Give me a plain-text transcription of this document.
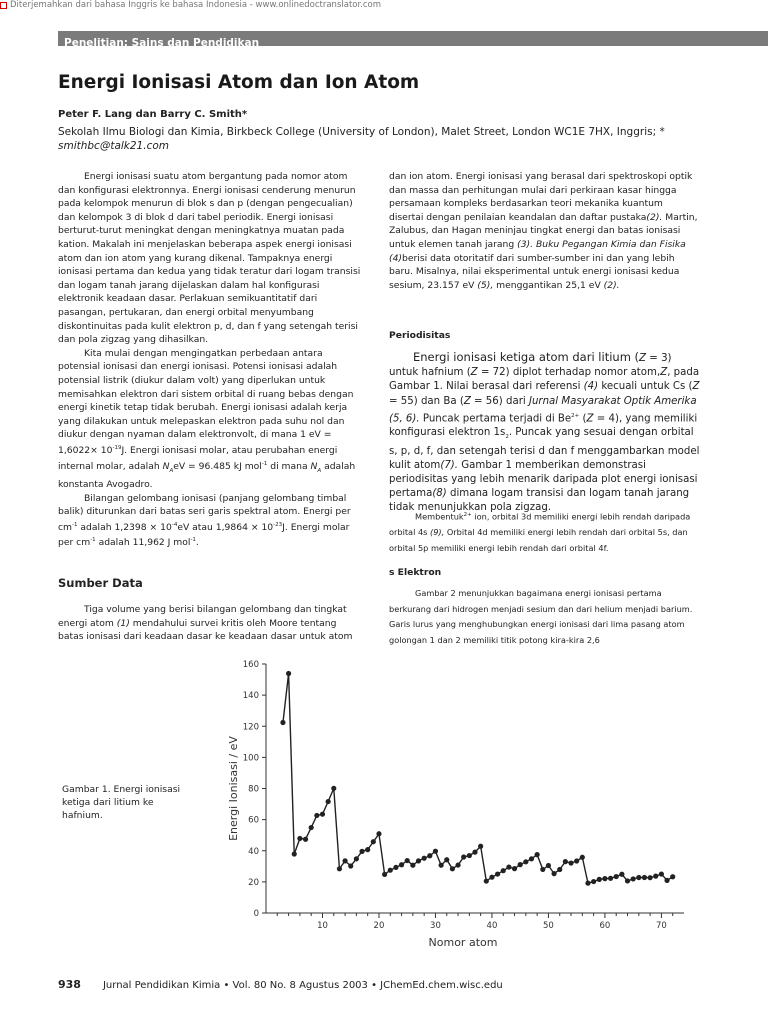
Diterjemahkan dari bahasa Inggris ke bahasa Indonesia - www.onlinedoctranslator.com
Penelitian: Sains dan Pendidikan
Energi Ionisasi Atom dan Ion Atom
Peter F. Lang dan Barry C. Smith*
Sekolah Ilmu Biologi dan Kimia, Birkbeck College (University of London), Malet Street, London WC1E 7HX, Inggris; * smithbc@talk21.com

Energi ionisasi suatu atom bergantung pada nomor atom dan konfigurasi elektronnya. Energi ionisasi cenderung menurun pada kelompok menurun di blok s dan p (dengan pengecualian) dan kelompok 3 di blok d dari tabel periodik. Energi ionisasi berturut-turut meningkat dengan meningkatnya muatan pada kation. Makalah ini menjelaskan beberapa aspek energi ionisasi atom dan ion atom yang kurang dikenal. Tampaknya energi ionisasi pertama dan kedua yang tidak teratur dari logam transisi dan logam tanah jarang dijelaskan dalam hal konfigurasi elektronik keadaan dasar. Perlakuan semikuantitatif dari pasangan, pertukaran, dan energi orbital menyumbang diskontinuitas pada kulit elektron p, d, dan f yang setengah terisi dan pola zigzag yang dihasilkan.

Kita mulai dengan mengingatkan perbedaan antara potensial ionisasi dan energi ionisasi. Potensi ionisasi adalah potensial listrik (diukur dalam volt) yang diperlukan untuk memisahkan elektron dari sistem orbital di ruang bebas dengan energi kinetik tetap tidak berubah. Energi ionisasi adalah kerja yang dilakukan untuk melepaskan elektron pada suhu nol dan diukur dengan nyaman dalam elektronvolt, di mana 1 eV = $1,6022\times 10^{-19}J$. Energi ionisasi molar, atau perubahan energi internal molar, adalah $N_AeV = 96.485$ kJ mol$^{-1}$ di mana $N_A$ adalah konstanta Avogadro.

Bilangan gelombang ionisasi (panjang gelombang timbal balik) diturunkan dari batas seri garis spektral atom. Energi per $cm^{-1}$ adalah $1,2398 \times 10^{-4}eV$ atau $1,9864 \times 10^{-23}J$. Energi molar per $cm^{-1}$ adalah 11,962 J mol$^{-1}$.

Sumber Data

Tiga volume yang berisi bilangan gelombang dan tingkat energi atom (1) mendahului survei kritis oleh Moore tentang batas ionisasi dari keadaan dasar ke keadaan dasar untuk atom

dan ion atom. Energi ionisasi yang berasal dari spektroskopi optik dan massa dan perhitungan mulai dari perkiraan kasar hingga persamaan kompleks berdasarkan teori mekanika kuantum disertai dengan penilaian keandalan dan daftar pustaka(2). Martin, Zalubus, dan Hagan meninjau tingkat energi dan batas ionisasi untuk elemen tanah jarang (3). Buku Pegangan Kimia dan Fisika (4)berisi data otoritatif dari sumber-sumber ini dan yang lebih baru. Misalnya, nilai eksperimental untuk energi ionisasi kedua sesium, 23.157 eV (5), menggantikan 25,1 eV (2).

Periodisitas

Energi ionisasi ketiga atom dari litium (Z = 3) untuk hafnium (Z = 72) diplot terhadap nomor atom,Z, pada Gambar 1. Nilai berasal dari referensi (4) kecuali untuk Cs (Z = 55) dan Ba (Z = 56) dari Jurnal Masyarakat Optik Amerika (5, 6). Puncak pertama terjadi di $Be^{2+}$ (Z = 4), yang memiliki konfigurasi elektron $1s_2$. Puncak yang sesuai dengan orbital s, p, d, f, dan setengah terisi d dan f menggambarkan model kulit atom(7). Gambar 1 memberikan demonstrasi periodisitas yang lebih menarik daripada plot energi ionisasi pertama(8) dimana logam transisi dan logam tanah jarang tidak menunjukkan pola zigzag.

Membentuk$^{2+}$ ion, orbital 3d memiliki energi lebih rendah daripada orbital 4s (9), Orbital 4d memiliki energi lebih rendah dari orbital 5s, dan orbital 5p memiliki energi lebih rendah dari orbital 4f.

s Elektron

Gambar 2 menunjukkan bagaimana energi ionisasi pertama berkurang dari hidrogen menjadi sesium dan dari helium menjadi barium. Garis lurus yang menghubungkan energi ionisasi dari lima pasang atom golongan 1 dan 2 memiliki titik potong kira-kira 2,6

Gambar 1. Energi ionisasi ketiga dari litium ke hafnium.
0
20
40
60
80
100
120
140
160
10	20	30	40	50	60	70
Nomor atom
Energi Ionisasi / eV
938 Jurnal Pendidikan Kimia • Vol. 80 No. 8 Agustus 2003 • JChemEd.chem.wisc.edu
